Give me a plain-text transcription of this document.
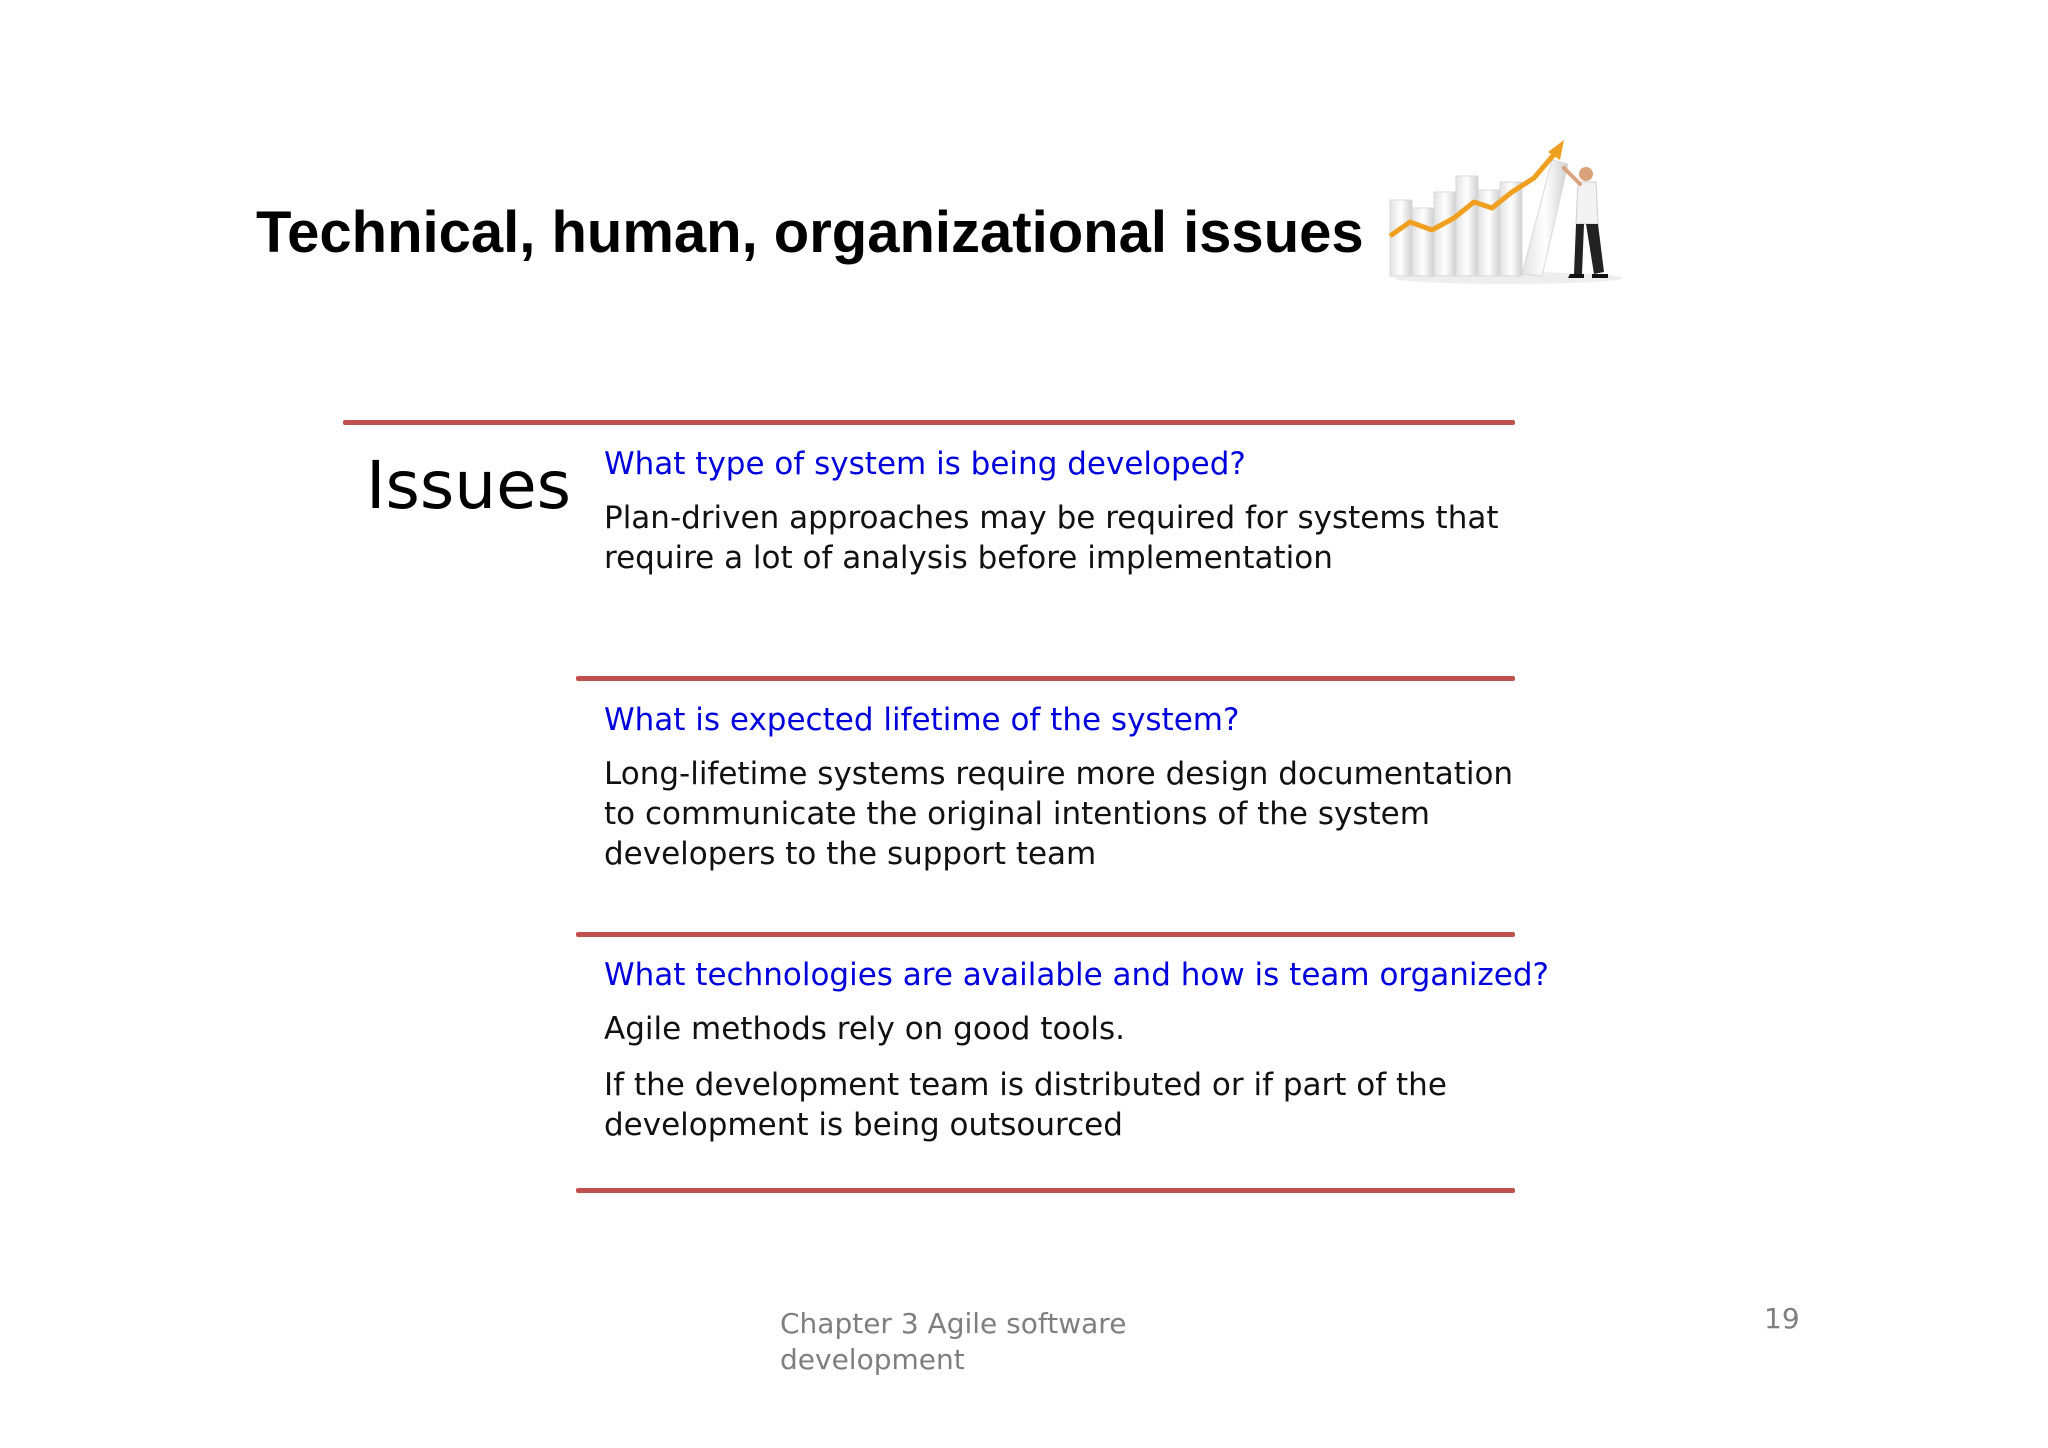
Technical, human, organizational issues
Issues What type of system is being developed?

Plan-driven approaches may be required for systems that require a lot of analysis before implementation

What is expected lifetime of the system?

Long-lifetime systems require more design documentation to communicate the original intentions of the system developers to the support team

What technologies are available and how is team organized?

Agile methods rely on good tools.

If the development team is distributed or if part of the development is being outsourced

Chapter 3 Agile software development
19
